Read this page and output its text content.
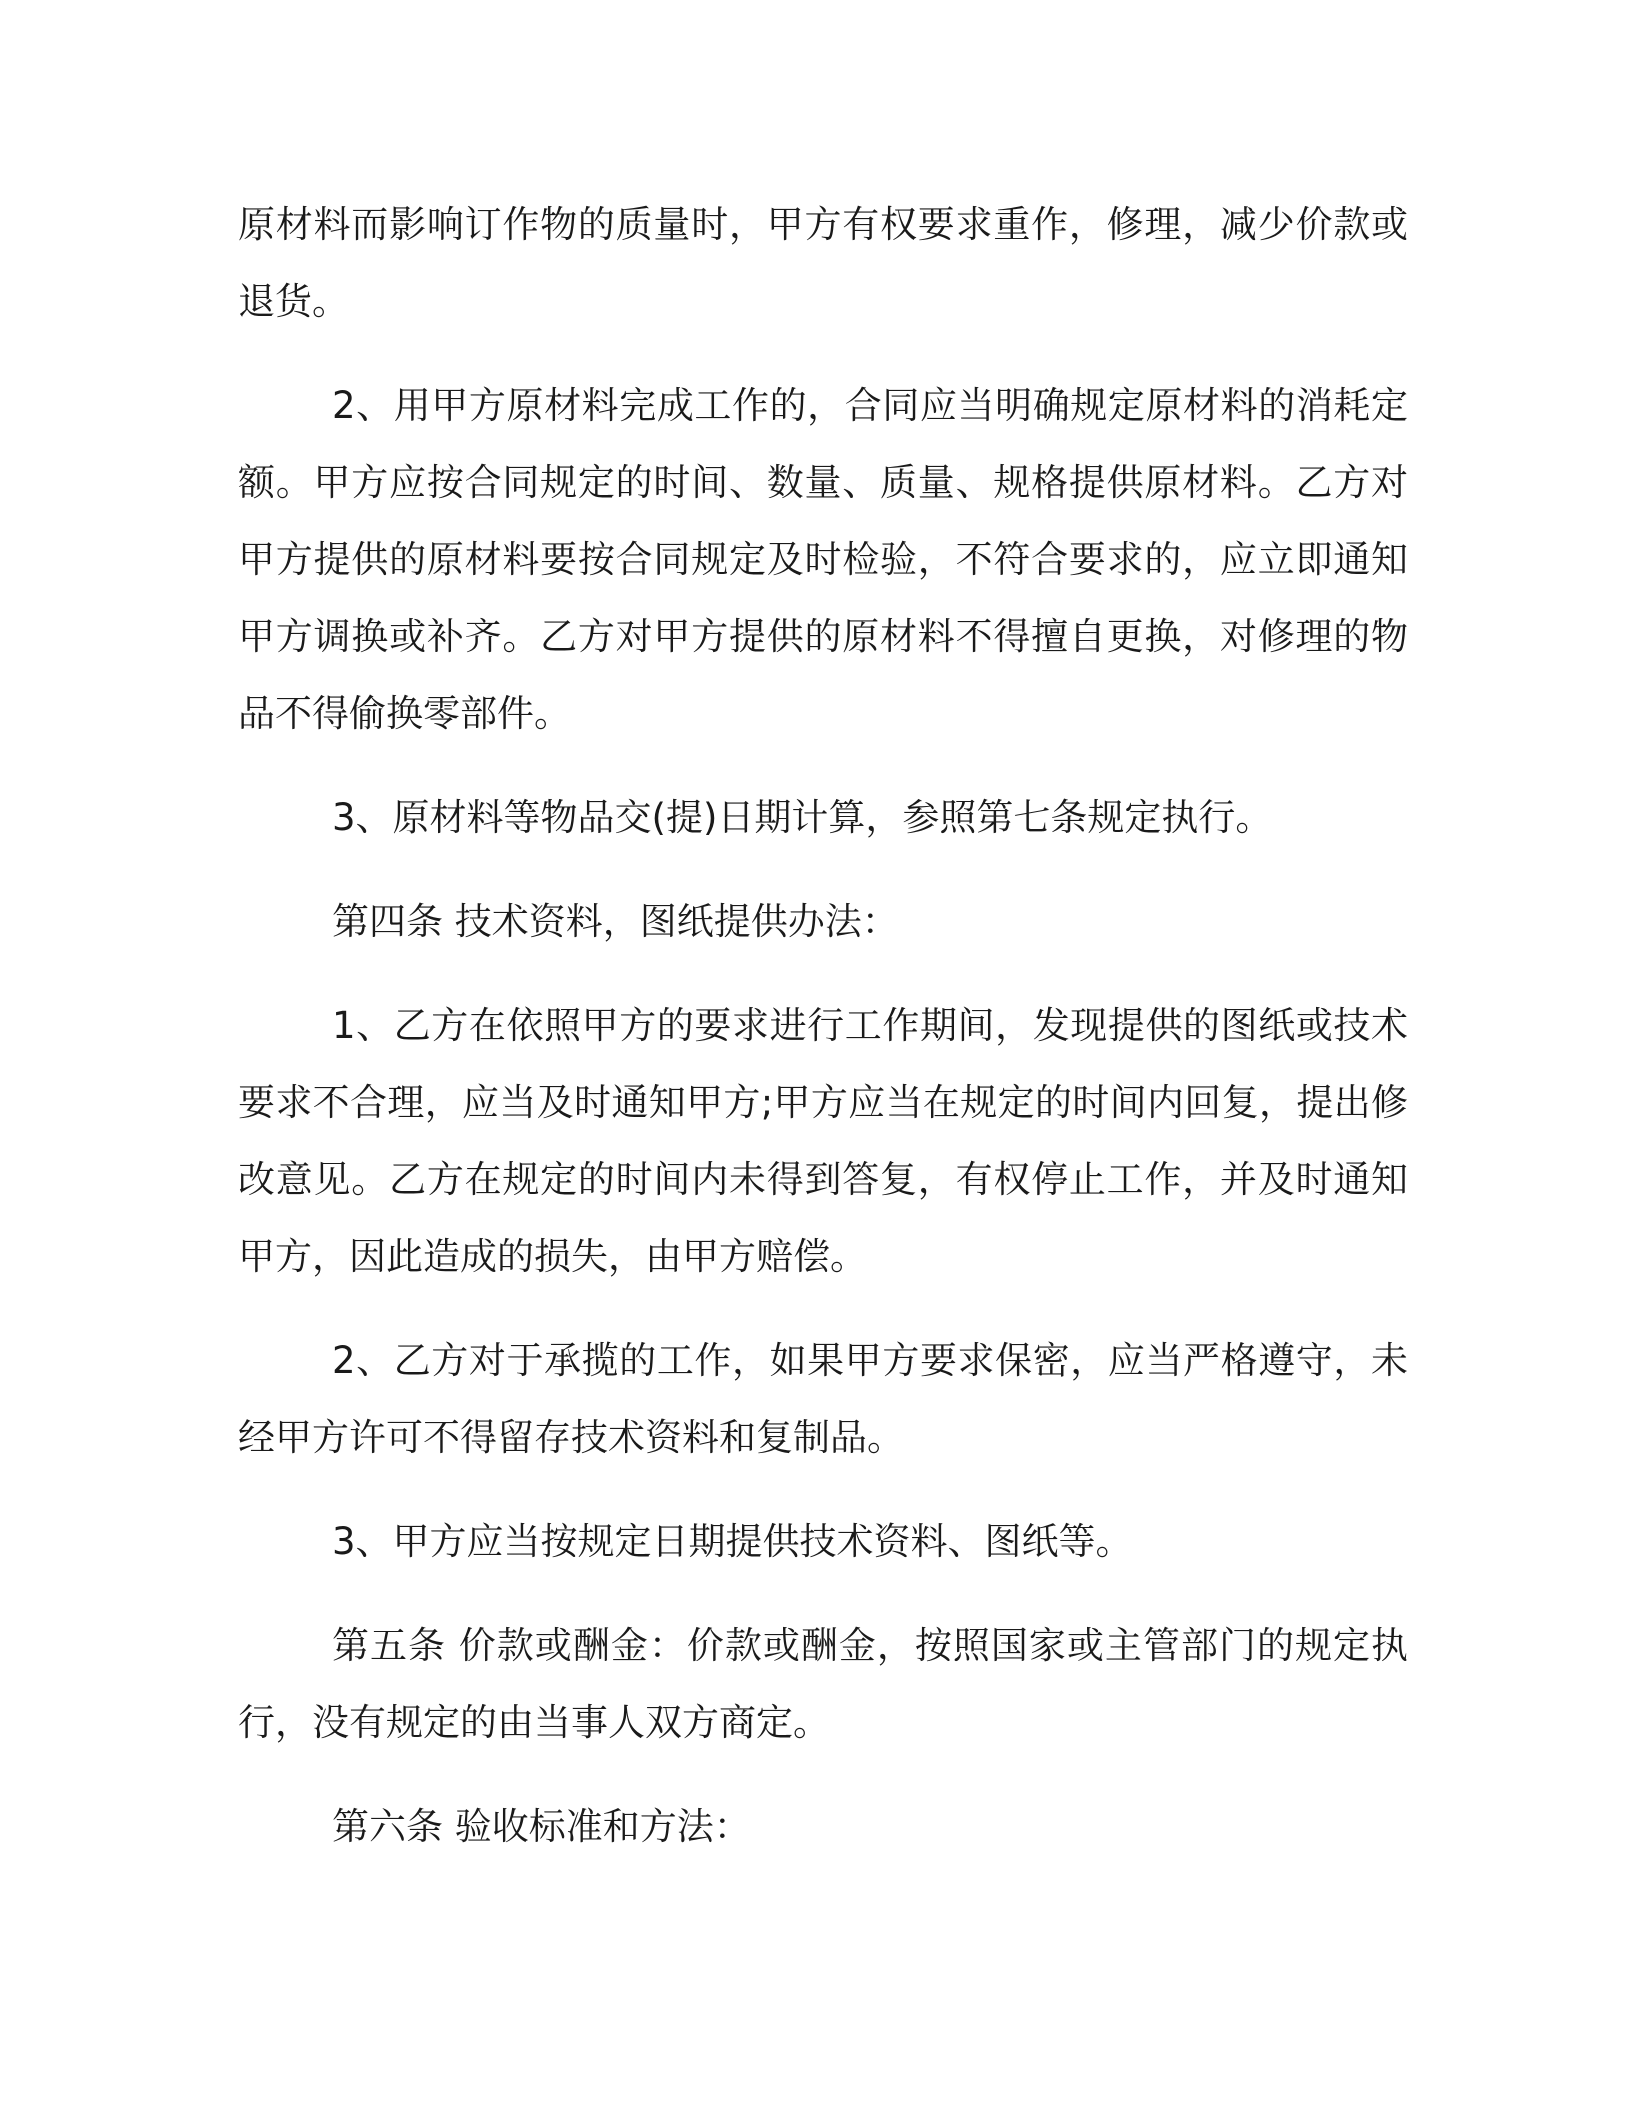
原材料而影响订作物的质量时，甲方有权要求重作，修理，减少价款或退货。

2、用甲方原材料完成工作的，合同应当明确规定原材料的消耗定额。甲方应按合同规定的时间、数量、质量、规格提供原材料。乙方对甲方提供的原材料要按合同规定及时检验，不符合要求的，应立即通知甲方调换或补齐。乙方对甲方提供的原材料不得擅自更换，对修理的物品不得偷换零部件。

3、原材料等物品交(提)日期计算，参照第七条规定执行。

第四条 技术资料，图纸提供办法：

1、乙方在依照甲方的要求进行工作期间，发现提供的图纸或技术要求不合理，应当及时通知甲方;甲方应当在规定的时间内回复，提出修改意见。乙方在规定的时间内未得到答复，有权停止工作，并及时通知甲方，因此造成的损失，由甲方赔偿。

2、乙方对于承揽的工作，如果甲方要求保密，应当严格遵守，未经甲方许可不得留存技术资料和复制品。

3、甲方应当按规定日期提供技术资料、图纸等。

第五条 价款或酬金：价款或酬金，按照国家或主管部门的规定执行，没有规定的由当事人双方商定。

第六条 验收标准和方法：
